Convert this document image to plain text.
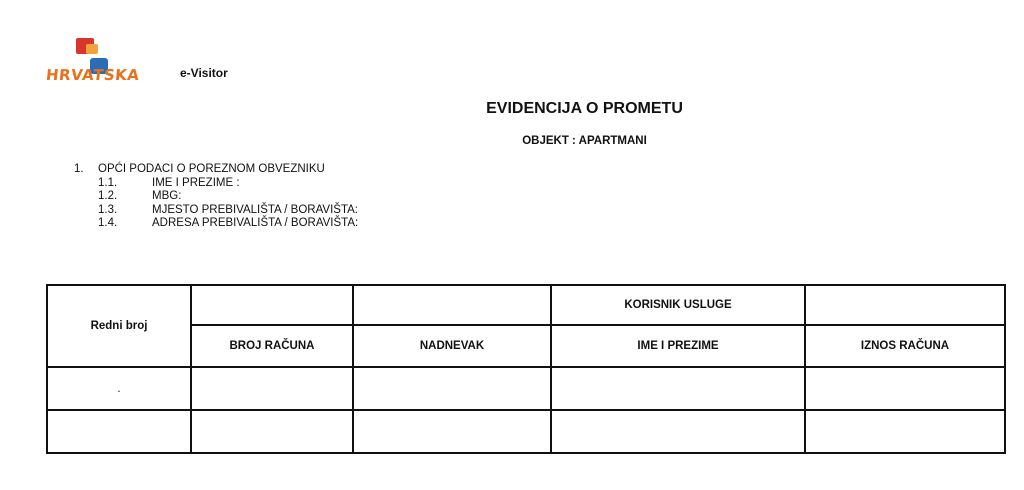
HRVATSKA	e-Visitor
EVIDENCIJA O PROMETU
OBJEKT : APARTMANI
1.	OPĆI PODACI O POREZNOM OBVEZNIKU
1.1.	IME I PREZIME :
1.2.	MBG:
1.3.	MJESTO PREBIVALIŠTA / BORAVIŠTA:
1.4.	ADRESA PREBIVALIŠTA / BORAVIŠTA:
Redni broj			KORISNIK USLUGE	
	BROJ RAČUNA	NADNEVAK	IME I PREZIME	IZNOS RAČUNA
.				
